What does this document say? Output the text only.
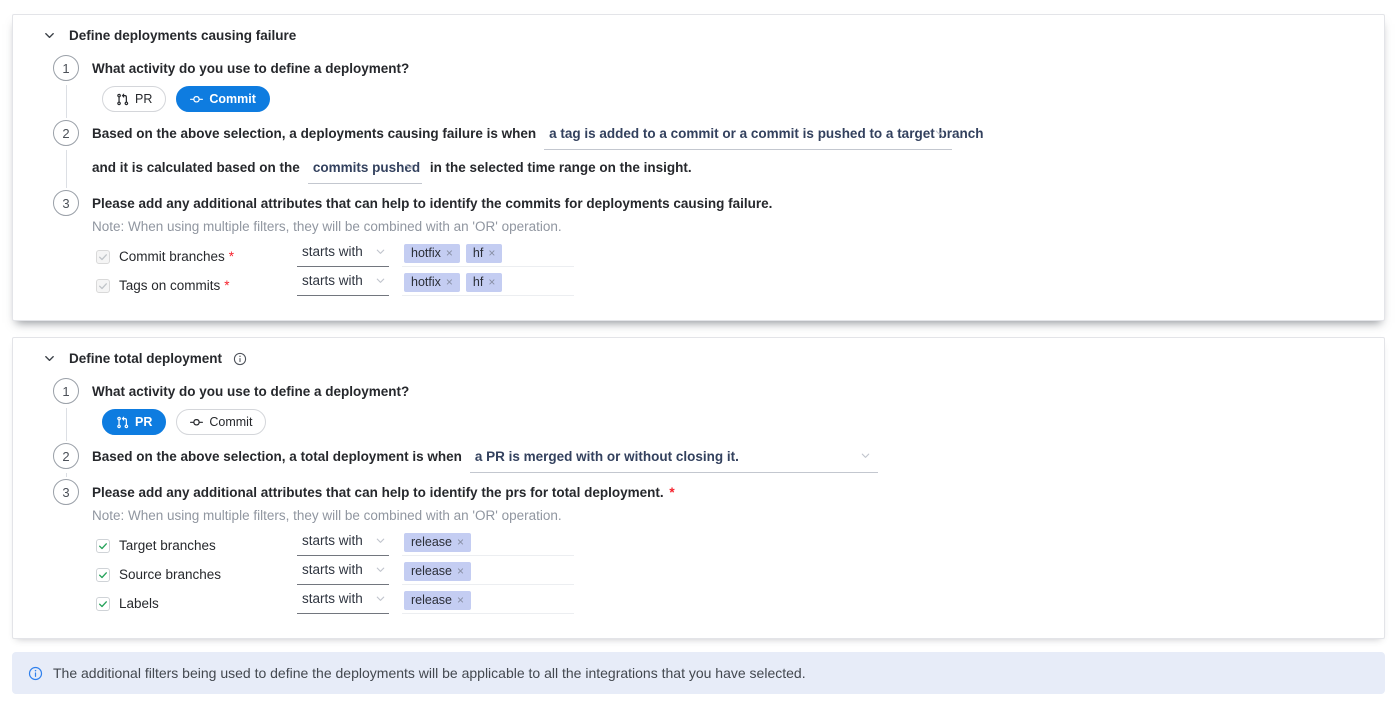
Define deployments causing failure
1	What activity do you use to define a deployment?
PR	Commit
2	Based on the above selection, a deployments causing failure is when a tag is added to a commit or a commit is pushed to a target branch
and it is calculated based on the commits pushed in the selected time range on the insight.
3	Please add any additional attributes that can help to identify the commits for deployments causing failure.
Note: When using multiple filters, they will be combined with an 'OR' operation.
Commit branches *	starts with	hotfix × hf ×
Tags on commits *	starts with	hotfix × hf ×
Define total deployment
1	What activity do you use to define a deployment?
PR	Commit
2	Based on the above selection, a total deployment is when a PR is merged with or without closing it.
3	Please add any additional attributes that can help to identify the prs for total deployment. *
Note: When using multiple filters, they will be combined with an 'OR' operation.
Target branches	starts with	release ×
Source branches	starts with	release ×
Labels	starts with	release ×
The additional filters being used to define the deployments will be applicable to all the integrations that you have selected.
